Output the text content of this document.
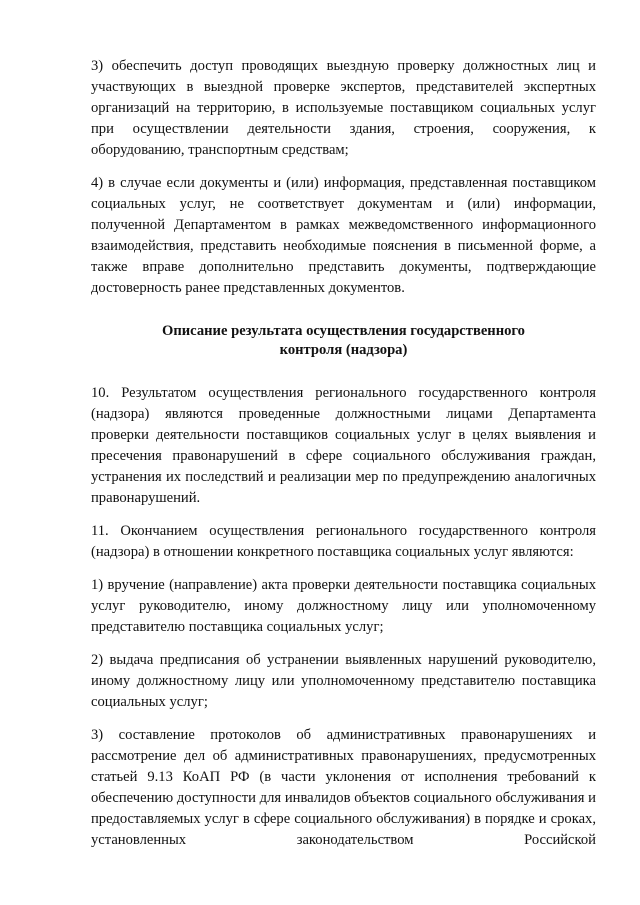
3) обеспечить доступ проводящих выездную проверку должностных лиц и участвующих в выездной проверке экспертов, представителей экспертных организаций на территорию, в используемые поставщиком социальных услуг при осуществлении деятельности здания, строения, сооружения, к оборудованию, транспортным средствам;

4) в случае если документы и (или) информация, представленная поставщиком социальных услуг, не соответствует документам и (или) информации, полученной Департаментом в рамках межведомственного информационного взаимодействия, представить необходимые пояснения в письменной форме, а также вправе дополнительно представить документы, подтверждающие достоверность ранее представленных документов.

Описание результата осуществления государственного
контроля (надзора)

10. Результатом осуществления регионального государственного контроля (надзора) являются проведенные должностными лицами Департамента проверки деятельности поставщиков социальных услуг в целях выявления и пресечения правонарушений в сфере социального обслуживания граждан, устранения их последствий и реализации мер по предупреждению аналогичных правонарушений.

11. Окончанием осуществления регионального государственного контроля (надзора) в отношении конкретного поставщика социальных услуг являются:

1) вручение (направление) акта проверки деятельности поставщика социальных услуг руководителю, иному должностному лицу или уполномоченному представителю поставщика социальных услуг;

2) выдача предписания об устранении выявленных нарушений руководителю, иному должностному лицу или уполномоченному представителю поставщика социальных услуг;

3) составление протоколов об административных правонарушениях и рассмотрение дел об административных правонарушениях, предусмотренных статьей 9.13 КоАП РФ (в части уклонения от исполнения требований к обеспечению доступности для инвалидов объектов социального обслуживания и предоставляемых услуг в сфере социального обслуживания) в порядке и сроках, установленных законодательством Российской
